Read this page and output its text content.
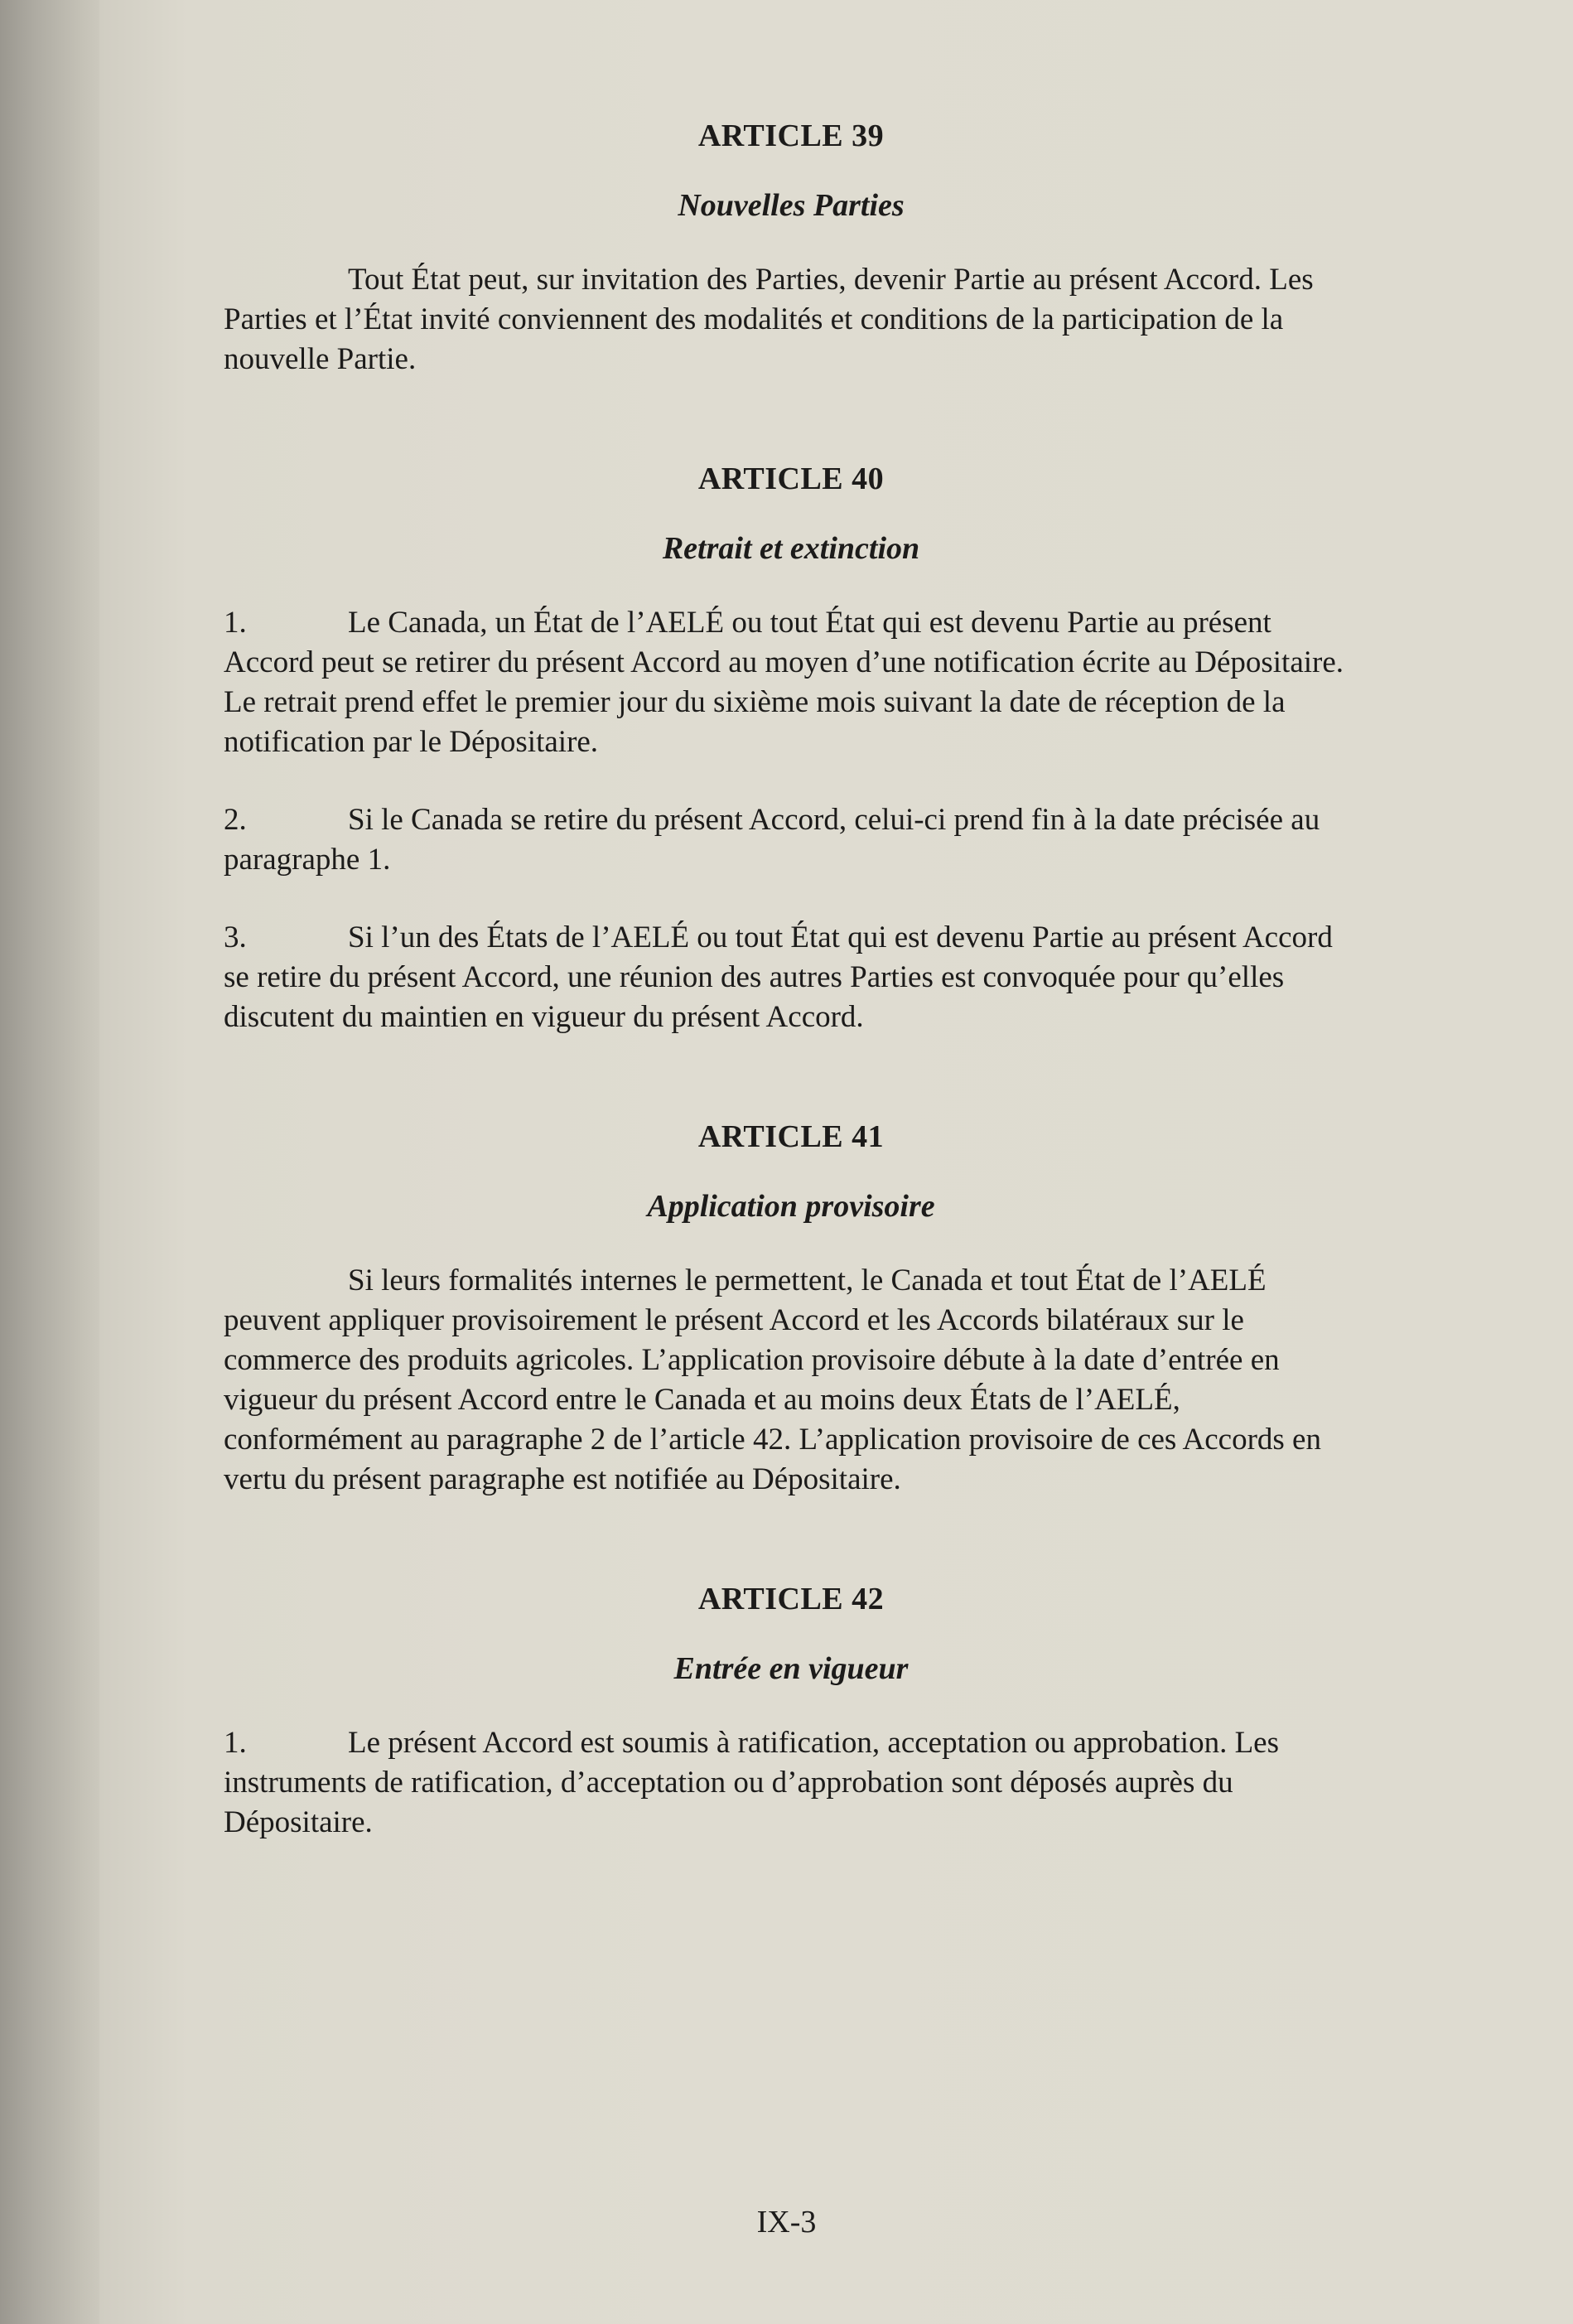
ARTICLE 39
Nouvelles Parties

Tout État peut, sur invitation des Parties, devenir Partie au présent Accord. Les Parties et l’État invité conviennent des modalités et conditions de la participation de la nouvelle Partie.

ARTICLE 40
Retrait et extinction

1.	Le Canada, un État de l’AELÉ ou tout État qui est devenu Partie au présent Accord peut se retirer du présent Accord au moyen d’une notification écrite au Dépositaire. Le retrait prend effet le premier jour du sixième mois suivant la date de réception de la notification par le Dépositaire.

2.	Si le Canada se retire du présent Accord, celui-ci prend fin à la date précisée au paragraphe 1.

3.	Si l’un des États de l’AELÉ ou tout État qui est devenu Partie au présent Accord se retire du présent Accord, une réunion des autres Parties est convoquée pour qu’elles discutent du maintien en vigueur du présent Accord.

ARTICLE 41
Application provisoire

Si leurs formalités internes le permettent, le Canada et tout État de l’AELÉ peuvent appliquer provisoirement le présent Accord et les Accords bilatéraux sur le commerce des produits agricoles. L’application provisoire débute à la date d’entrée en vigueur du présent Accord entre le Canada et au moins deux États de l’AELÉ, conformément au paragraphe 2 de l’article 42. L’application provisoire de ces Accords en vertu du présent paragraphe est notifiée au Dépositaire.

ARTICLE 42
Entrée en vigueur

1.	Le présent Accord est soumis à ratification, acceptation ou approbation. Les instruments de ratification, d’acceptation ou d’approbation sont déposés auprès du Dépositaire.

IX-3
